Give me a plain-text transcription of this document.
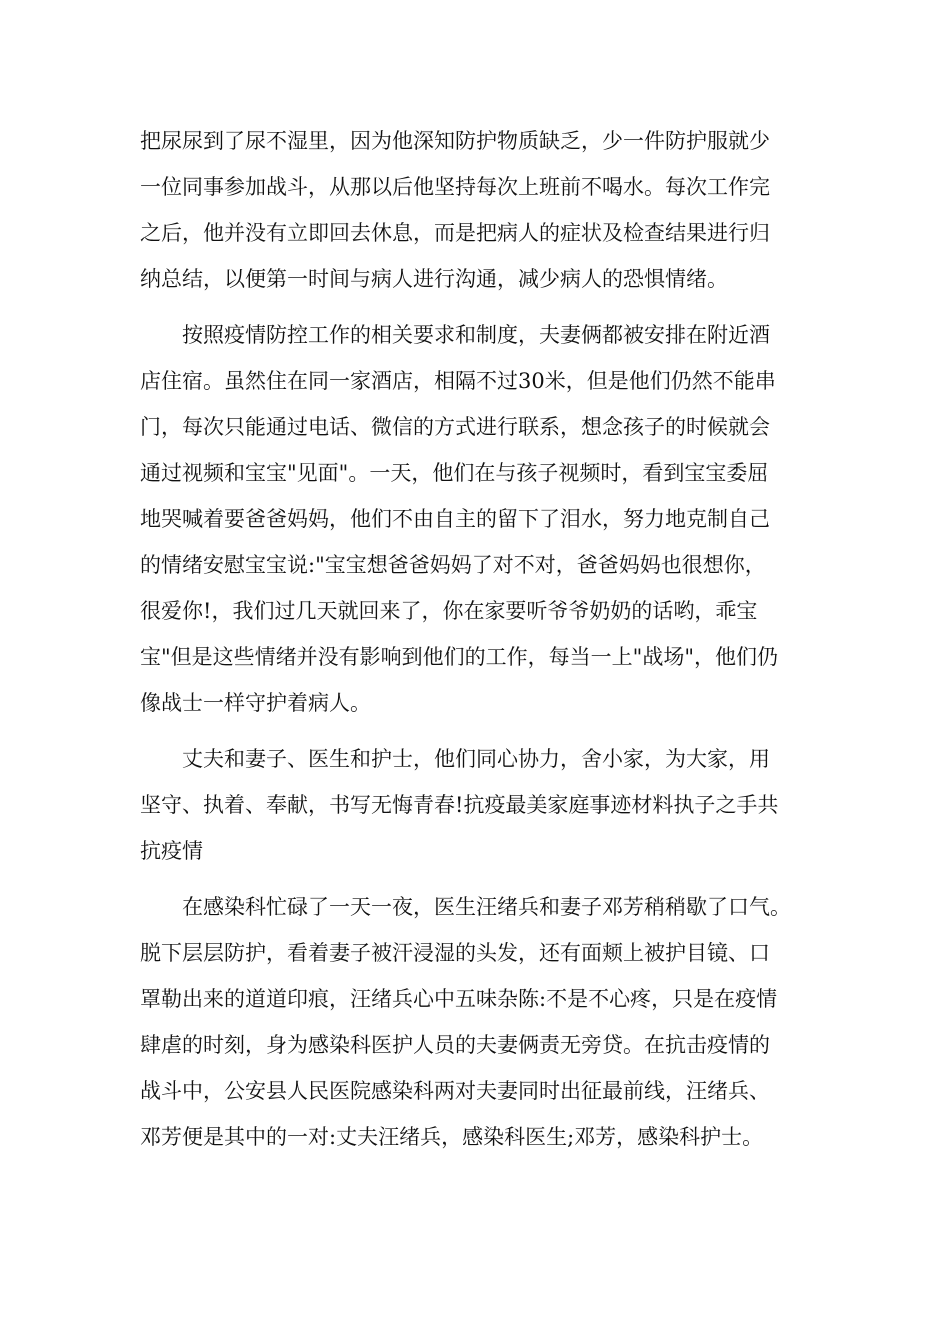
把尿尿到了尿不湿里，因为他深知防护物质缺乏，少一件防护服就少
一位同事参加战斗，从那以后他坚持每次上班前不喝水。每次工作完
之后，他并没有立即回去休息，而是把病人的症状及检查结果进行归
纳总结，以便第一时间与病人进行沟通，减少病人的恐惧情绪。
　　按照疫情防控工作的相关要求和制度，夫妻俩都被安排在附近酒
店住宿。虽然住在同一家酒店，相隔不过30米，但是他们仍然不能串
门，每次只能通过电话、微信的方式进行联系，想念孩子的时候就会
通过视频和宝宝"见面"。一天，他们在与孩子视频时，看到宝宝委屈
地哭喊着要爸爸妈妈，他们不由自主的留下了泪水，努力地克制自己
的情绪安慰宝宝说:"宝宝想爸爸妈妈了对不对，爸爸妈妈也很想你，
很爱你!，我们过几天就回来了，你在家要听爷爷奶奶的话哟，乖宝
宝"但是这些情绪并没有影响到他们的工作，每当一上"战场"，他们仍
像战士一样守护着病人。
　　丈夫和妻子、医生和护士，他们同心协力，舍小家，为大家，用
坚守、执着、奉献，书写无悔青春!抗疫最美家庭事迹材料执子之手共
抗疫情
　　在感染科忙碌了一天一夜，医生汪绪兵和妻子邓芳稍稍歇了口气。
脱下层层防护，看着妻子被汗浸湿的头发，还有面颊上被护目镜、口
罩勒出来的道道印痕，汪绪兵心中五味杂陈:不是不心疼，只是在疫情
肆虐的时刻，身为感染科医护人员的夫妻俩责无旁贷。在抗击疫情的
战斗中，公安县人民医院感染科两对夫妻同时出征最前线，汪绪兵、
邓芳便是其中的一对:丈夫汪绪兵，感染科医生;邓芳，感染科护士。
